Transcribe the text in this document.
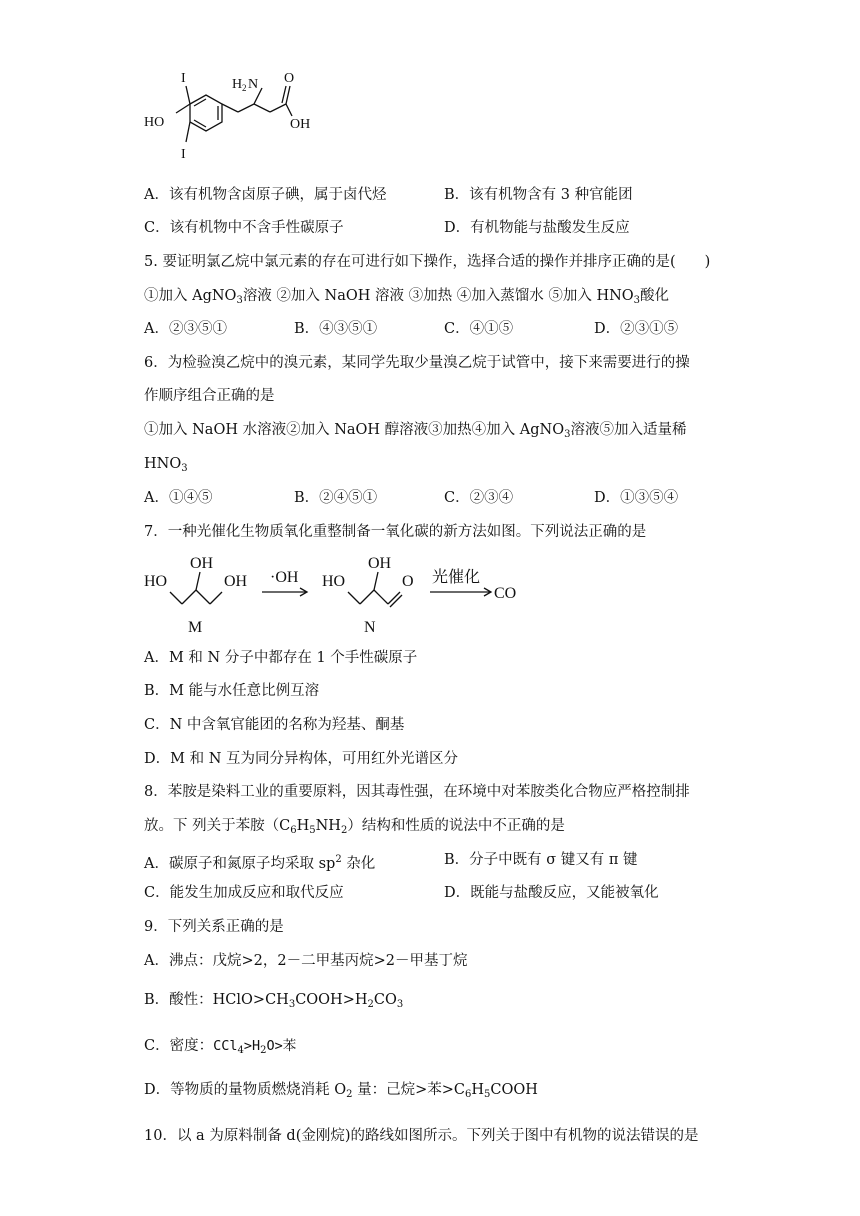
I
I
HO
H 2 N O
OH
A．该有机物含卤原子碘，属于卤代烃	B．该有机物含有 3 种官能团
C．该有机物中不含手性碳原子	D．有机物能与盐酸发生反应
5. 要证明氯乙烷中氯元素的存在可进行如下操作，选择合适的操作并排序正确的是(　　)
①加入 AgNO$_3$溶液 ②加入 NaOH 溶液 ③加热 ④加入蒸馏水 ⑤加入 $HNO_3$酸化
A．②③⑤①	B．④③⑤①	C．④①⑤	D．②③①⑤
6．为检验溴乙烷中的溴元素，某同学先取少量溴乙烷于试管中，接下来需要进行的操
作顺序组合正确的是
①加入 NaOH 水溶液②加入 NaOH 醇溶液③加热④加入 AgNO$_3$溶液⑤加入适量稀
$HNO_3$
A．①④⑤	B．②④⑤①	C．②③④	D．①③⑤④
7．一种光催化生物质氧化重整制备一氧化碳的新方法如图。下列说法正确的是
OH
HO	OH
M
·OH
OH
HO	O
N
光催化
CO
A．M 和 N 分子中都存在 1 个手性碳原子
B．M 能与水任意比例互溶
C．N 中含氧官能团的名称为羟基、酮基
D．M 和 N 互为同分异构体，可用红外光谱区分
8．苯胺是染料工业的重要原料，因其毒性强，在环境中对苯胺类化合物应严格控制排
放。下 列关于苯胺$(C_6H_5NH_2)$结构和性质的说法中不正确的是
A．碳原子和氮原子均采取 $sp^2$ 杂化	B．分子中既有 σ 键又有 π 键
C．能发生加成反应和取代反应	D．既能与盐酸反应，又能被氧化
9．下列关系正确的是
A．沸点：戊烷>2，2－二甲基丙烷>2－甲基丁烷
B．酸性：$HClO>CH_3COOH>H_2CO_3$
C．密度：$CCl_4>H_2O>$苯
D．等物质的量物质燃烧消耗 $O_2$ 量：己烷>苯$>C_6H_5COOH$
10．以 a 为原料制备 d(金刚烷)的路线如图所示。下列关于图中有机物的说法错误的是
